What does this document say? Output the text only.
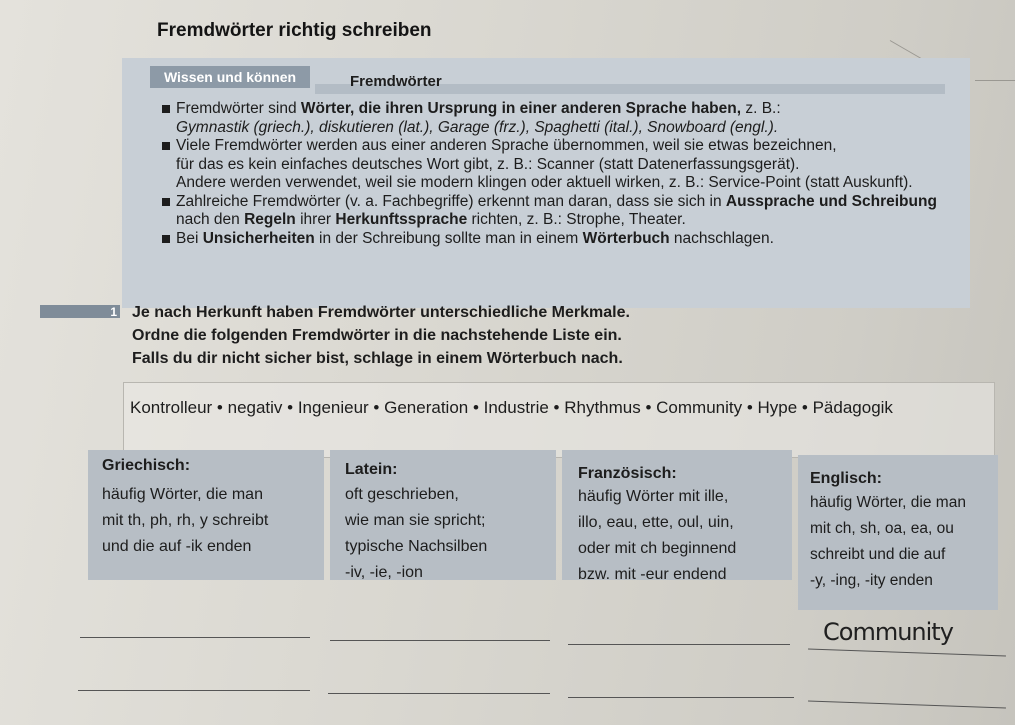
Fremdwörter richtig schreiben
Wissen und können	Fremdwörter
Fremdwörter sind Wörter, die ihren Ursprung in einer anderen Sprache haben, z. B.:
Gymnastik (griech.), diskutieren (lat.), Garage (frz.), Spaghetti (ital.), Snowboard (engl.).
Viele Fremdwörter werden aus einer anderen Sprache übernommen, weil sie etwas bezeichnen,
für das es kein einfaches deutsches Wort gibt, z. B.: Scanner (statt Datenerfassungsgerät).
Andere werden verwendet, weil sie modern klingen oder aktuell wirken, z. B.: Service-Point (statt Auskunft).
Zahlreiche Fremdwörter (v. a. Fachbegriffe) erkennt man daran, dass sie sich in Aussprache und Schreibung
nach den Regeln ihrer Herkunftssprache richten, z. B.: Strophe, Theater.
Bei Unsicherheiten in der Schreibung sollte man in einem Wörterbuch nachschlagen.
1 Je nach Herkunft haben Fremdwörter unterschiedliche Merkmale.
Ordne die folgenden Fremdwörter in die nachstehende Liste ein.
Falls du dir nicht sicher bist, schlage in einem Wörterbuch nach.
Kontrolleur • negativ • Ingenieur • Generation • Industrie • Rhythmus • Community • Hype • Pädagogik
Griechisch:
häufig Wörter, die man
mit th, ph, rh, y schreibt
und die auf -ik enden
Latein:
oft geschrieben,
wie man sie spricht;
typische Nachsilben
-iv, -ie, -ion
Französisch:
häufig Wörter mit ille,
illo, eau, ette, oul, uin,
oder mit ch beginnend
bzw. mit -eur endend
Englisch:
häufig Wörter, die man
mit ch, sh, oa, ea, ou
schreibt und die auf
-y, -ing, -ity enden
Community
